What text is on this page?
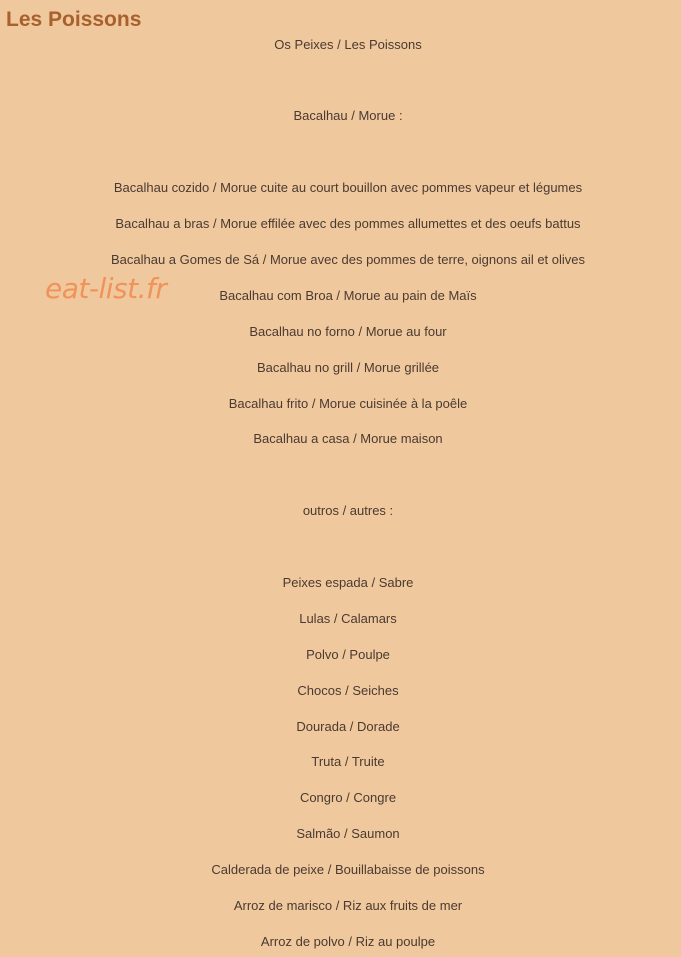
Les Poissons
eat-list.fr
Os Peixes / Les Poissons
Bacalhau / Morue :
Bacalhau cozido / Morue cuite au court bouillon avec pommes vapeur et légumes
Bacalhau a bras / Morue effilée avec des pommes allumettes et des oeufs battus
Bacalhau a Gomes de Sá / Morue avec des pommes de terre, oignons ail et olives
Bacalhau com Broa / Morue au pain de Maïs
Bacalhau no forno / Morue au four
Bacalhau no grill / Morue grillée
Bacalhau frito / Morue cuisinée à la poêle
Bacalhau a casa / Morue maison
outros / autres :
Peixes espada / Sabre
Lulas / Calamars
Polvo / Poulpe
Chocos / Seiches
Dourada / Dorade
Truta / Truite
Congro / Congre
Salmão / Saumon
Calderada de peixe / Bouillabaisse de poissons
Arroz de marisco / Riz aux fruits de mer
Arroz de polvo / Riz au poulpe
